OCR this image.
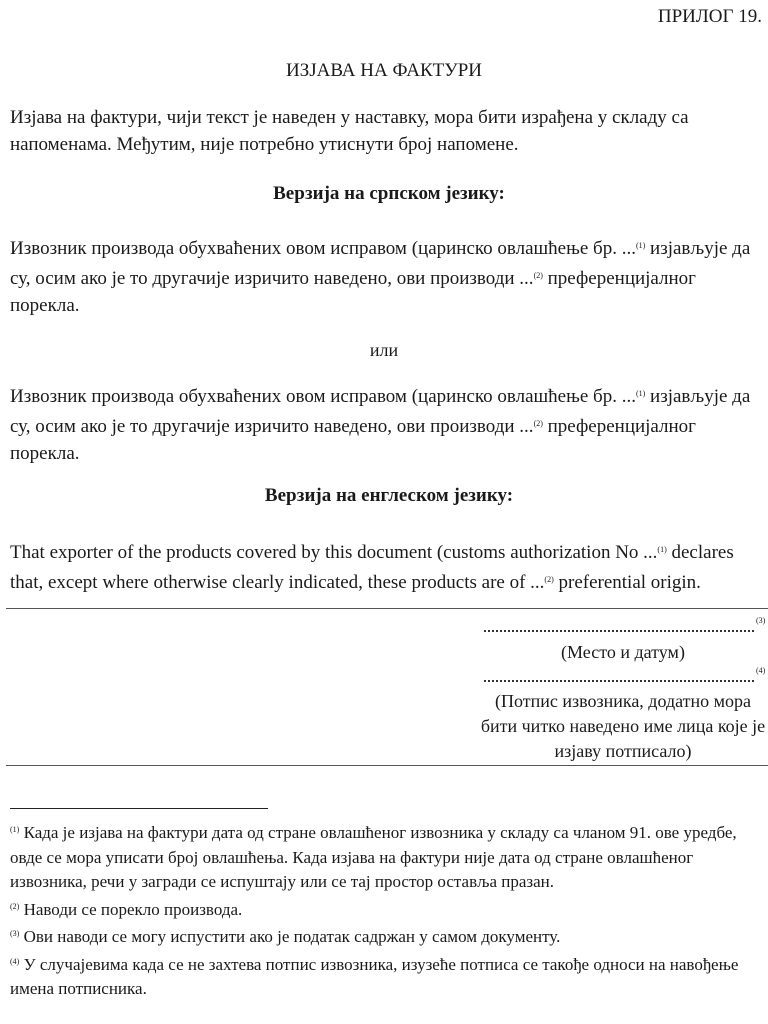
ПРИЛОГ 19.
ИЗЈАВА НА ФАКТУРИ
Изјава на фактури, чији текст је наведен у наставку, мора бити израђена у складу са напоменама. Међутим, није потребно утиснути број напомене.
Верзија на српском језику:
Извозник производа обухваћених овом исправом (царинско овлашћење бр. ...$^{(1)}$ изјављује да су, осим ако је то другачије изричито наведено, ови производи ...$^{(2)}$ преференцијалног порекла.
или
Извозник производа обухваћених овом исправом (царинско овлашћење бр. ...$^{(1)}$ изјављује да су, осим ако је то другачије изричито наведено, ови производи ...$^{(2)}$ преференцијалног порекла.
Верзија на енглеском језику:
That exporter of the products covered by this document (customs authorization No ...$^{(1)}$ declares that, except where otherwise clearly indicated, these products are of ...$^{(2)}$ preferential origin.
(3)
(Место и датум)
(4)
(Потпис извозника, додатно мора бити читко наведено име лица које је изјаву потписало)

$^{(1)}$ Када је изјава на фактури дата од стране овлашћеног извозника у складу са чланом 91. ове уредбе, овде се мора уписати број овлашћења. Када изјава на фактури није дата од стране овлашћеног извозника, речи у загради се испуштају или се тај простор оставља празан.

$^{(2)}$ Наводи се порекло производа.

$^{(3)}$ Ови наводи се могу испустити ако је податак садржан у самом документу.

$^{(4)}$ У случајевима када се не захтева потпис извозника, изузеће потписа се такође односи на навођење имена потписника.
